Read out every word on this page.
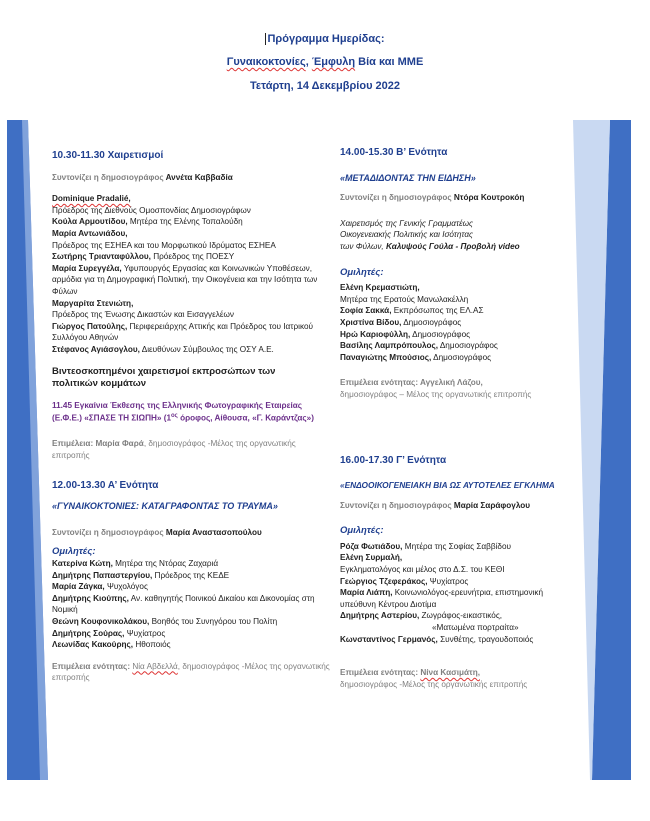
Πρόγραμμα Ημερίδας:
Γυναικοκτονίες, Έμφυλη Βία και ΜΜΕ
Τετάρτη, 14 Δεκεμβρίου 2022

10.30-11.30 Χαιρετισμοί

Συντονίζει η δημοσιογράφος Αννέτα Καββαδία

Dominique Pradalié,

Πρόεδρος της Διεθνούς Ομοσπονδίας Δημοσιογράφων

Κούλα Αρμουτίδου, Μητέρα της Ελένης Τοπαλούδη

Μαρία Αντωνιάδου,

Πρόεδρος της ΕΣΗΕΑ και του Μορφωτικού Ιδρύματος ΕΣΗΕΑ

Σωτήρης Τριανταφύλλου, Πρόεδρος της ΠΟΕΣΥ

Μαρία Συρεγγέλα, Υφυπουργός Εργασίας και Κοινωνικών Υποθέσεων, αρμόδια για τη Δημογραφική Πολιτική, την Οικογένεια και την Ισότητα των Φύλων

Μαργαρίτα Στενιώτη,

Πρόεδρος της Ένωσης Δικαστών και Εισαγγελέων

Γιώργος Πατούλης, Περιφερειάρχης Αττικής και Πρόεδρος του Ιατρικού Συλλόγου Αθηνών

Στέφανος Αγιάσογλου, Διευθύνων Σύμβουλος της ΟΣΥ Α.Ε.

Βιντεοσκοπημένοι χαιρετισμοί εκπροσώπων των πολιτικών κομμάτων

11.45 Εγκαίνια Έκθεσης της Ελληνικής Φωτογραφικής Εταιρείας (Ε.Φ.Ε.) «ΣΠΑΣΕ ΤΗ ΣΙΩΠΗ» ($1^{o\varsigma}$ όροφος, Αίθουσα, «Γ. Καράντζας»)

Επιμέλεια: Μαρία Φαρά, δημοσιογράφος -Μέλος της οργανωτικής επιτροπής

12.00-13.30 Α’ Ενότητα

«ΓΥΝΑΙΚΟΚΤΟΝΙΕΣ: ΚΑΤΑΓΡΑΦΟΝΤΑΣ ΤΟ ΤΡΑΥΜΑ»

Συντονίζει η δημοσιογράφος Μαρία Αναστασοπούλου

Ομιλητές:

Κατερίνα Κώτη, Μητέρα της Ντόρας Ζαχαριά

Δημήτρης Παπαστεργίου, Πρόεδρος της ΚΕΔΕ

Μαρία Ζάγκα, Ψυχολόγος

Δημήτρης Κιούπης, Αν. καθηγητής Ποινικού Δικαίου και Δικονομίας στη Νομική

Θεώνη Κουφονικολάκου, Βοηθός του Συνηγόρου του Πολίτη

Δημήτρης Σούρας, Ψυχίατρος

Λεωνίδας Κακούρης, Ηθοποιός

Επιμέλεια ενότητας: Νία Αβδελλά, δημοσιογράφος -Μέλος της οργανωτικής επιτροπής

14.00-15.30 Β’ Ενότητα

«ΜΕΤΑΔΙΔΟΝΤΑΣ ΤΗΝ ΕΙΔΗΣΗ»

Συντονίζει η δημοσιογράφος Ντόρα Κουτροκόη

Χαιρετισμός της Γενικής Γραμματέως

Οικογενειακής Πολιτικής και Ισότητας

των Φύλων, Καλυψούς Γούλα - Προβολή video

Ομιλητές:

Ελένη Κρεμαστιώτη,

Μητέρα της Ερατούς Μανωλακέλλη

Σοφία Σακκά, Εκπρόσωπος της ΕΛ.ΑΣ

Χριστίνα Βίδου, Δημοσιογράφος

Ηρώ Καριοφύλλη, Δημοσιογράφος

Βασίλης Λαμπρόπουλος, Δημοσιογράφος

Παναγιώτης Μπούσιος, Δημοσιογράφος

Επιμέλεια ενότητας: Αγγελική Λάζου,

δημοσιογράφος – Μέλος της οργανωτικής επιτροπής

16.00-17.30 Γ’ Ενότητα

«ΕΝΔΟΟΙΚΟΓΕΝΕΙΑΚΗ ΒΙΑ ΩΣ ΑΥΤΟΤΕΛΕΣ ΕΓΚΛΗΜΑ

Συντονίζει η δημοσιογράφος Μαρία Σαράφογλου

Ομιλητές:

Ρόζα Φωτιάδου, Μητέρα της Σοφίας Σαββίδου

Ελένη Συρμαλή,

Εγκληματολόγος και μέλος στο Δ.Σ. του ΚΕΘΙ

Γεώργιος Τζεφεράκος, Ψυχίατρος

Μαρία Λιάπη, Κοινωνιολόγος-ερευνήτρια, επιστημονική υπεύθυνη Κέντρου Διοτίμα

Δημήτρης Αστερίου, Ζωγράφος-εικαστικός,

«Ματωμένα πορτραίτα»

Κωνσταντίνος Γερμανός, Συνθέτης, τραγουδοποιός

Επιμέλεια ενότητας: Νίνα Κασιμάτη,

δημοσιογράφος -Μέλος της οργανωτικής επιτροπής
